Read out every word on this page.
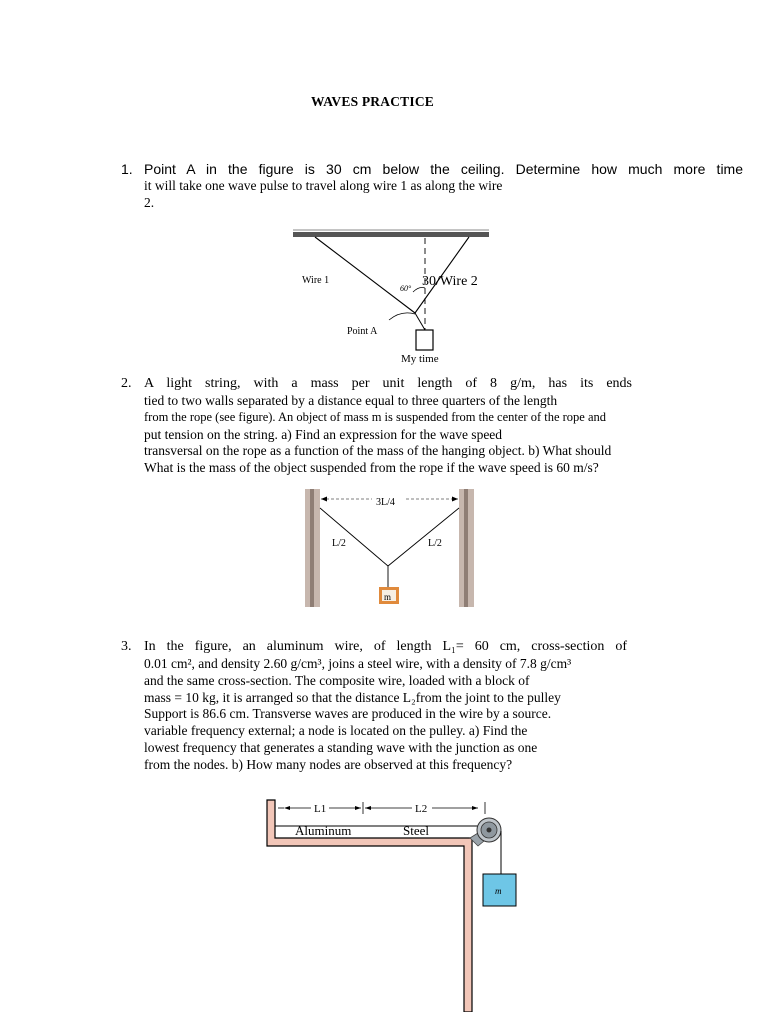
WAVES PRACTICE
1. Point A in the figure is 30 cm below the ceiling. Determine how much more time
it will take one wave pulse to travel along wire 1 as along the wire
2.
Wire 1
60° 30/Wire 2
Point A
My time
2. A light string, with a mass per unit length of 8 g/m, has its ends
tied to two walls separated by a distance equal to three quarters of the length
from the rope (see figure). An object of mass m is suspended from the center of the rope and
put tension on the string. a) Find an expression for the wave speed
transversal on the rope as a function of the mass of the hanging object. b) What should
What is the mass of the object suspended from the rope if the wave speed is 60 m/s?
3L/4
L/2	L/2
m
3. In the figure, an aluminum wire, of length L₁= 60 cm, cross-section of
0.01 cm², and density 2.60 g/cm³, joins a steel wire, with a density of 7.8 g/cm³
and the same cross-section. The composite wire, loaded with a block of
mass = 10 kg, it is arranged so that the distance L₂from the joint to the pulley
Support is 86.6 cm. Transverse waves are produced in the wire by a source.
variable frequency external; a node is located on the pulley. a) Find the
lowest frequency that generates a standing wave with the junction as one
from the nodes. b) How many nodes are observed at this frequency?
L1	L2
Aluminum	Steel
m
